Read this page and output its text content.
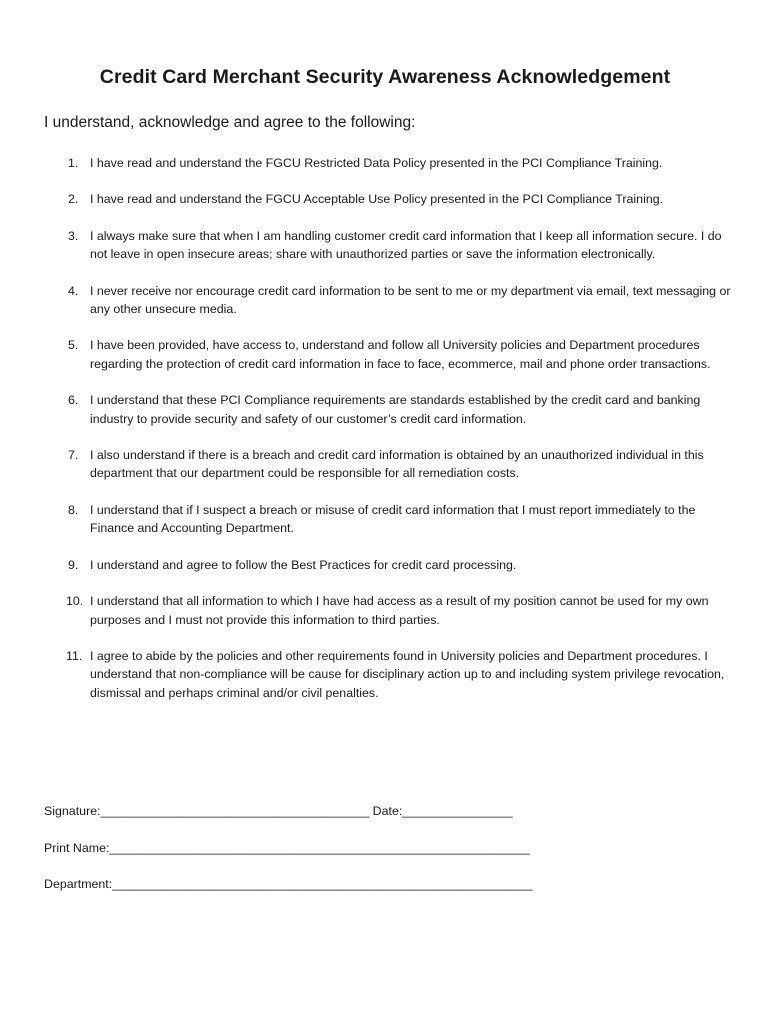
Credit Card Merchant Security Awareness Acknowledgement
I understand, acknowledge and agree to the following:
1. I have read and understand the FGCU Restricted Data Policy presented in the PCI Compliance Training.
2. I have read and understand the FGCU Acceptable Use Policy presented in the PCI Compliance Training.
3. I always make sure that when I am handling customer credit card information that I keep all information secure. I do not leave in open insecure areas; share with unauthorized parties or save the information electronically.
4. I never receive nor encourage credit card information to be sent to me or my department via email, text messaging or any other unsecure media.
5. I have been provided, have access to, understand and follow all University policies and Department procedures regarding the protection of credit card information in face to face, ecommerce, mail and phone order transactions.
6. I understand that these PCI Compliance requirements are standards established by the credit card and banking industry to provide security and safety of our customer’s credit card information.
7. I also understand if there is a breach and credit card information is obtained by an unauthorized individual in this department that our department could be responsible for all remediation costs.
8. I understand that if I suspect a breach or misuse of credit card information that I must report immediately to the Finance and Accounting Department.
9. I understand and agree to follow the Best Practices for credit card processing.
10. I understand that all information to which I have had access as a result of my position cannot be used for my own purposes and I must not provide this information to third parties.
11. I agree to abide by the policies and other requirements found in University policies and Department procedures. I understand that non-compliance will be cause for disciplinary action up to and including system privilege revocation, dismissal and perhaps criminal and/or civil penalties.
Signature:_______________________________________ Date:________________
Print Name:_____________________________________________________________
Department:_____________________________________________________________
